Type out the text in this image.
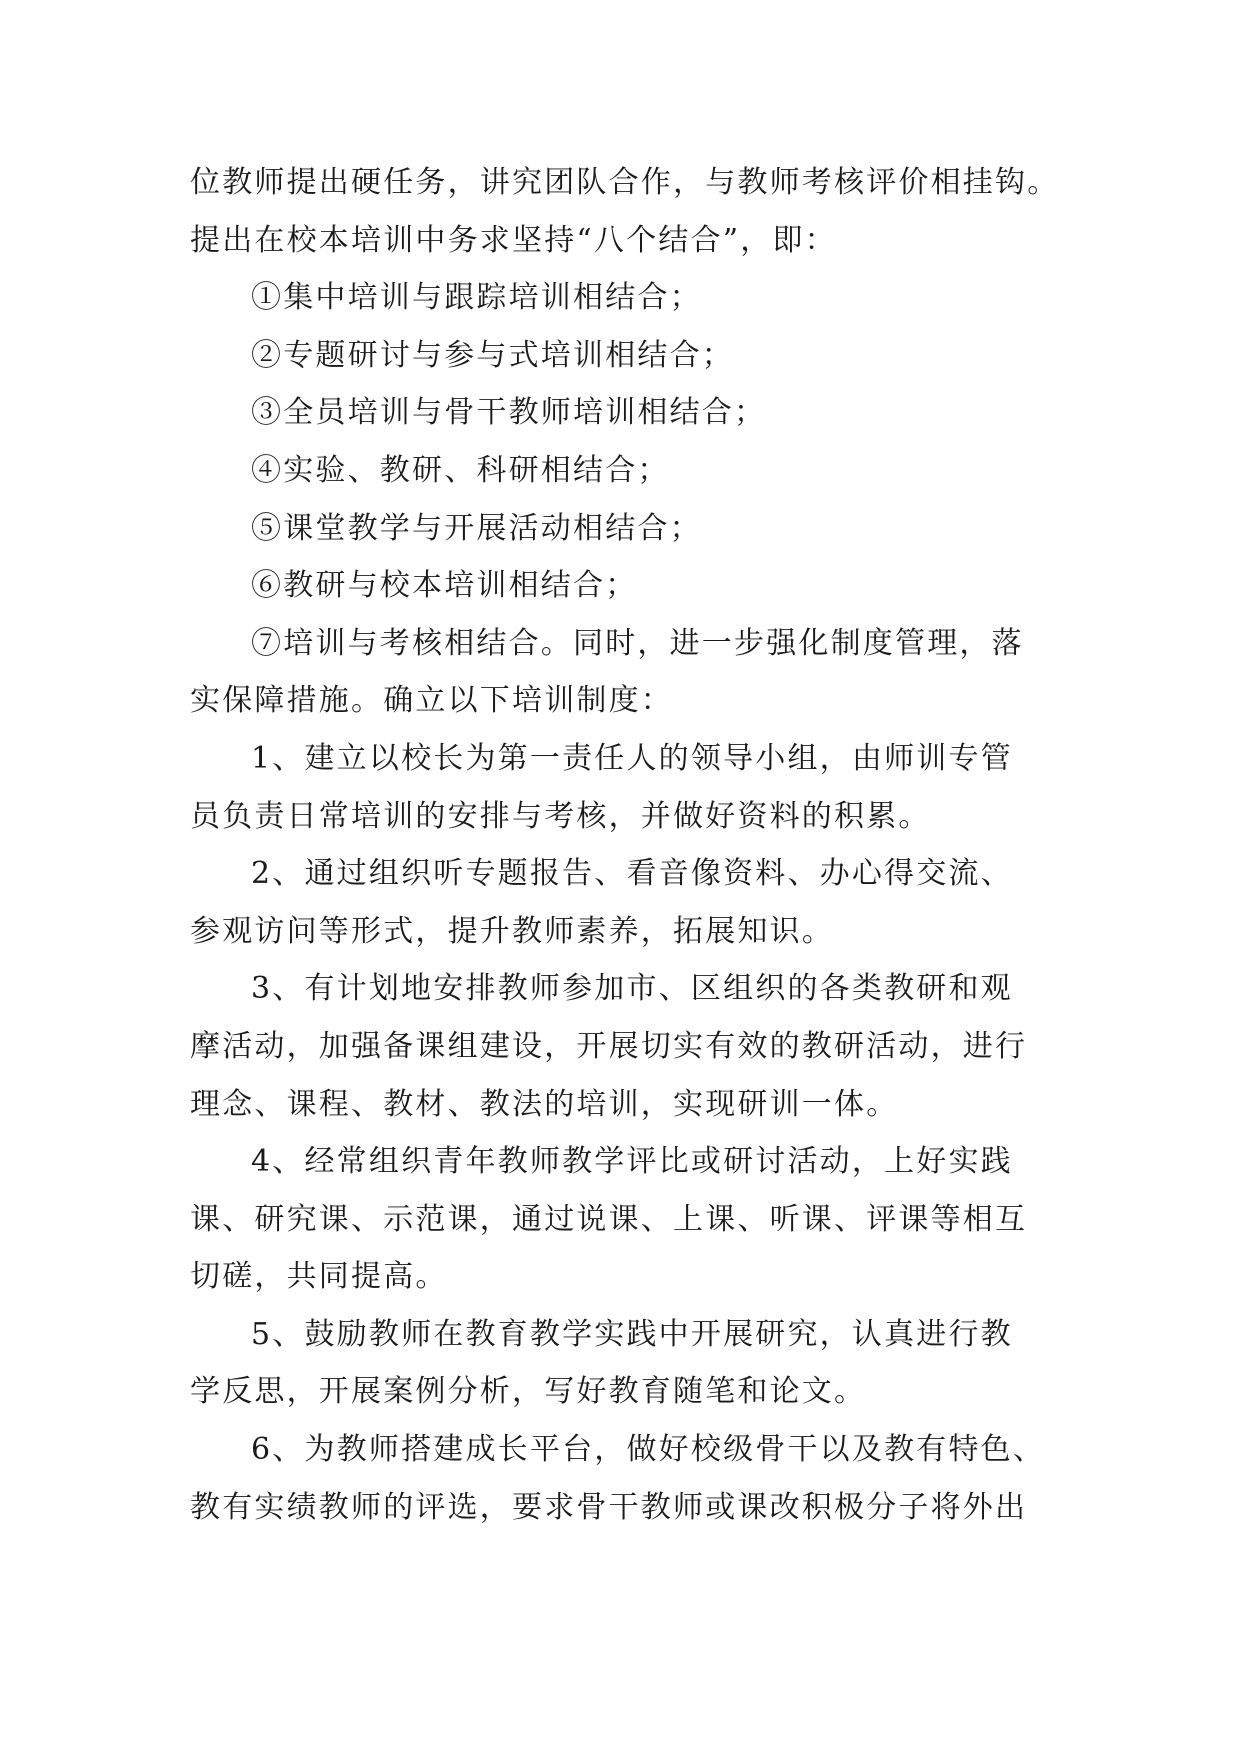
位教师提出硬任务，讲究团队合作，与教师考核评价相挂钩。
提出在校本培训中务求坚持“八个结合”，即：
①集中培训与跟踪培训相结合；
②专题研讨与参与式培训相结合；
③全员培训与骨干教师培训相结合；
④实验、教研、科研相结合；
⑤课堂教学与开展活动相结合；
⑥教研与校本培训相结合；
⑦培训与考核相结合。同时，进一步强化制度管理，落
实保障措施。确立以下培训制度：
1、建立以校长为第一责任人的领导小组，由师训专管
员负责日常培训的安排与考核，并做好资料的积累。
2、通过组织听专题报告、看音像资料、办心得交流、
参观访问等形式，提升教师素养，拓展知识。
3、有计划地安排教师参加市、区组织的各类教研和观
摩活动，加强备课组建设，开展切实有效的教研活动，进行
理念、课程、教材、教法的培训，实现研训一体。
4、经常组织青年教师教学评比或研讨活动，上好实践
课、研究课、示范课，通过说课、上课、听课、评课等相互
切磋，共同提高。
5、鼓励教师在教育教学实践中开展研究，认真进行教
学反思，开展案例分析，写好教育随笔和论文。
6、为教师搭建成长平台，做好校级骨干以及教有特色、
教有实绩教师的评选，要求骨干教师或课改积极分子将外出
